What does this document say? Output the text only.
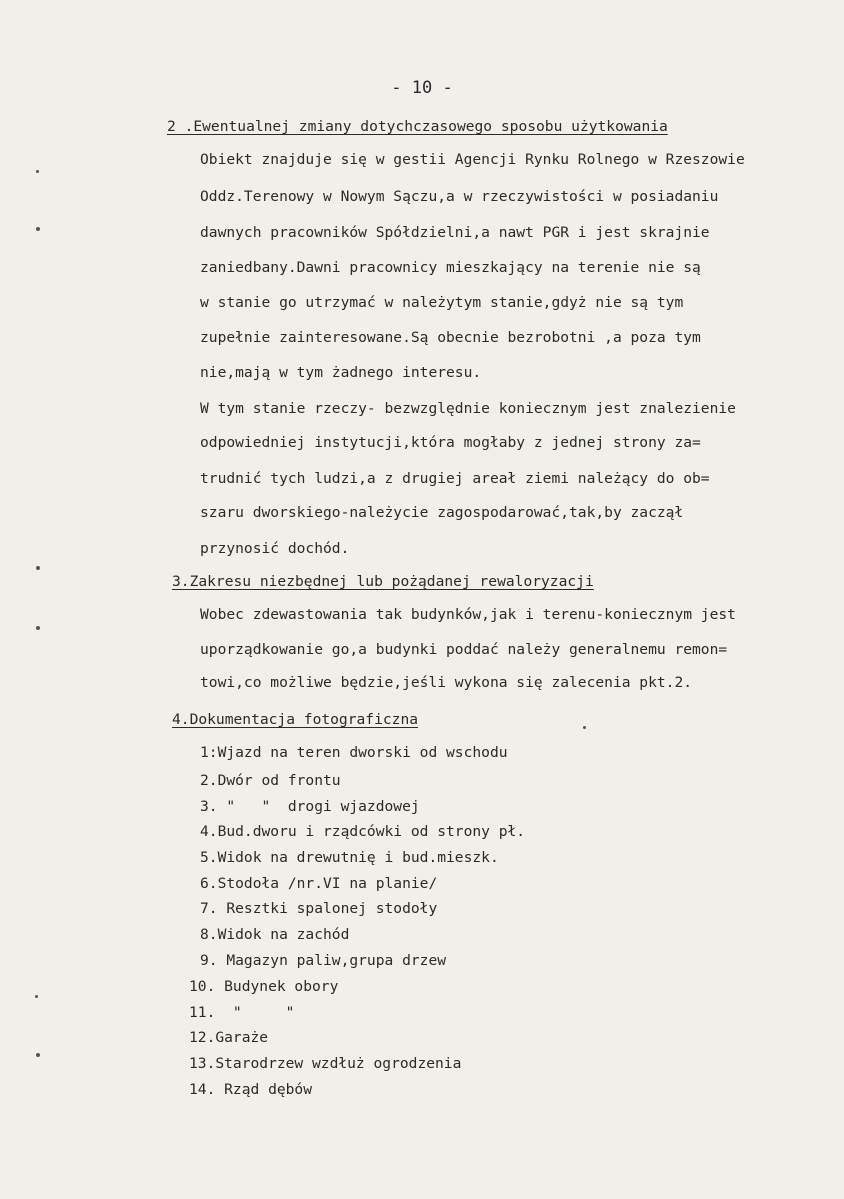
- 10 -
2 .Ewentualnej zmiany dotychczasowego sposobu użytkowania
Obiekt znajduje się w gestii Agencji Rynku Rolnego w Rzeszowie
Oddz.Terenowy w Nowym Sączu,a w rzeczywistości w posiadaniu
dawnych pracowników Spółdzielni,a nawt PGR i jest skrajnie
zaniedbany.Dawni pracownicy mieszkający na terenie nie są
w stanie go utrzymać w należytym stanie,gdyż nie są tym
zupełnie zainteresowane.Są obecnie bezrobotni ,a poza tym
nie,mają w tym żadnego interesu.
W tym stanie rzeczy- bezwzględnie koniecznym jest znalezienie
odpowiedniej instytucji,która mogłaby z jednej strony za=
trudnić tych ludzi,a z drugiej areał ziemi należący do ob=
szaru dworskiego-należycie zagospodarować,tak,by zaczął
przynosić dochód.
3.Zakresu niezbędnej lub pożądanej rewaloryzacji
Wobec zdewastowania tak budynków,jak i terenu-koniecznym jest
uporządkowanie go,a budynki poddać należy generalnemu remon=
towi,co możliwe będzie,jeśli wykona się zalecenia pkt.2.
4.Dokumentacja fotograficzna
1:Wjazd na teren dworski od wschodu
2.Dwór od frontu
3. "   "  drogi wjazdowej
4.Bud.dworu i rządcówki od strony pł.
5.Widok na drewutnię i bud.mieszk.
6.Stodoła /nr.VI na planie/
7. Resztki spalonej stodoły
8.Widok na zachód
9. Magazyn paliw,grupa drzew
10. Budynek obory
11.  "     "
12.Garaże
13.Starodrzew wzdłuż ogrodzenia
14. Rząd dębów
